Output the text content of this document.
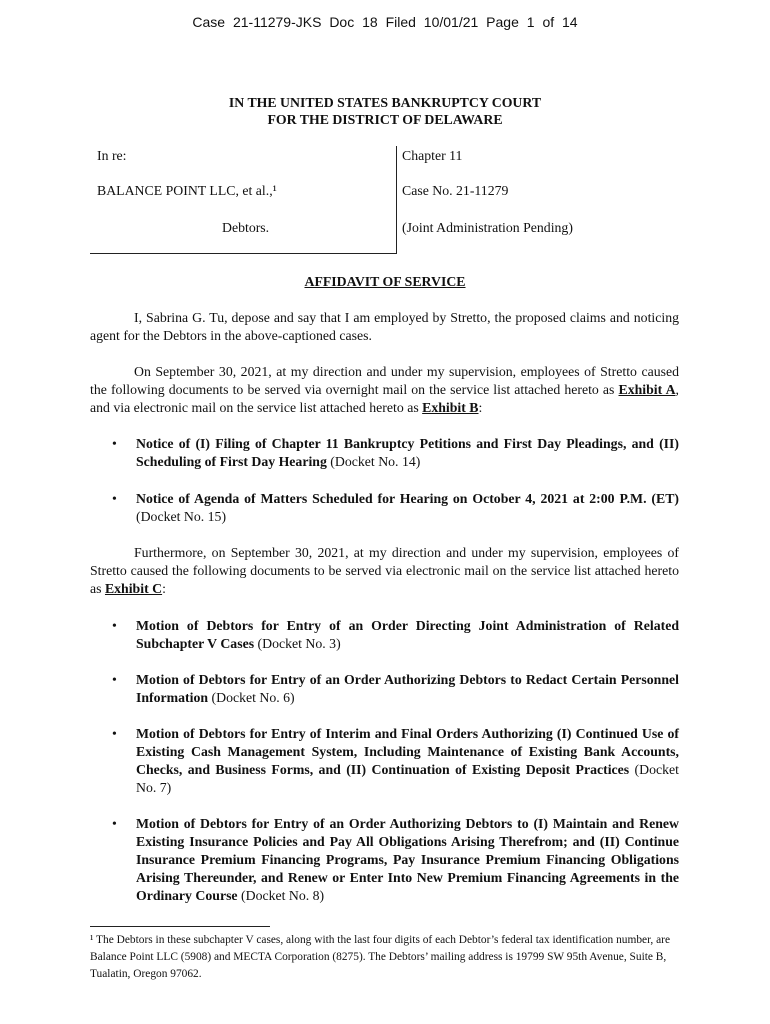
Case 21-11279-JKS Doc 18 Filed 10/01/21 Page 1 of 14
IN THE UNITED STATES BANKRUPTCY COURT
FOR THE DISTRICT OF DELAWARE
In re:
BALANCE POINT LLC, et al.,¹
Debtors.
Chapter 11
Case No. 21-11279
(Joint Administration Pending)
AFFIDAVIT OF SERVICE
I, Sabrina G. Tu, depose and say that I am employed by Stretto, the proposed claims and noticing agent for the Debtors in the above-captioned cases.
On September 30, 2021, at my direction and under my supervision, employees of Stretto caused the following documents to be served via overnight mail on the service list attached hereto as Exhibit A, and via electronic mail on the service list attached hereto as Exhibit B:
• Notice of (I) Filing of Chapter 11 Bankruptcy Petitions and First Day Pleadings, and (II) Scheduling of First Day Hearing (Docket No. 14)
• Notice of Agenda of Matters Scheduled for Hearing on October 4, 2021 at 2:00 P.M. (ET) (Docket No. 15)
Furthermore, on September 30, 2021, at my direction and under my supervision, employees of Stretto caused the following documents to be served via electronic mail on the service list attached hereto as Exhibit C:
• Motion of Debtors for Entry of an Order Directing Joint Administration of Related Subchapter V Cases (Docket No. 3)
• Motion of Debtors for Entry of an Order Authorizing Debtors to Redact Certain Personnel Information (Docket No. 6)
• Motion of Debtors for Entry of Interim and Final Orders Authorizing (I) Continued Use of Existing Cash Management System, Including Maintenance of Existing Bank Accounts, Checks, and Business Forms, and (II) Continuation of Existing Deposit Practices (Docket No. 7)
• Motion of Debtors for Entry of an Order Authorizing Debtors to (I) Maintain and Renew Existing Insurance Policies and Pay All Obligations Arising Therefrom; and (II) Continue Insurance Premium Financing Programs, Pay Insurance Premium Financing Obligations Arising Thereunder, and Renew or Enter Into New Premium Financing Agreements in the Ordinary Course (Docket No. 8)
¹ The Debtors in these subchapter V cases, along with the last four digits of each Debtor’s federal tax identification number, are Balance Point LLC (5908) and MECTA Corporation (8275). The Debtors’ mailing address is 19799 SW 95th Avenue, Suite B, Tualatin, Oregon 97062.
